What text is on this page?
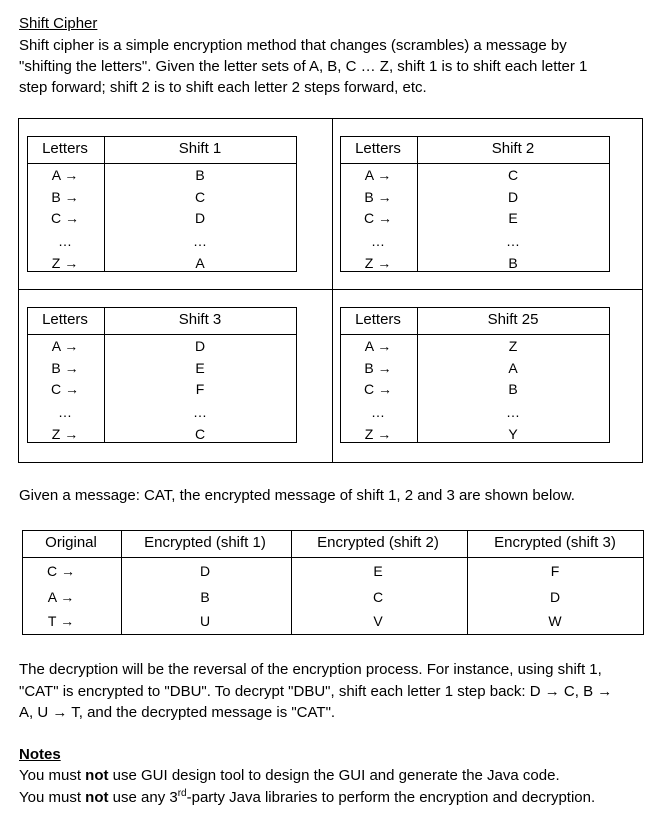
Shift Cipher
Shift cipher is a simple encryption method that changes (scrambles) a message by
"shifting the letters". Given the letter sets of A, B, C … Z, shift 1 is to shift each letter 1
step forward; shift 2 is to shift each letter 2 steps forward, etc.
Letters	Shift 1
A →	B
B →	C
C →	D
…	…
Z →	A
Letters	Shift 2
A →	C
B →	D
C →	E
…	…
Z →	B
Letters	Shift 3
A →	D
B →	E
C →	F
…	…
Z →	C
Letters	Shift 25
A →	Z
B →	A
C →	B
…	…
Z →	Y
Given a message: CAT, the encrypted message of shift 1, 2 and 3 are shown below.
Original	Encrypted (shift 1)	Encrypted (shift 2)	Encrypted (shift 3)
C →	D	E	F
A →	B	C	D
T →	U	V	W
The decryption will be the reversal of the encryption process. For instance, using shift 1,
"CAT" is encrypted to "DBU". To decrypt "DBU", shift each letter 1 step back: D → C, B →
A, U → T, and the decrypted message is "CAT".
Notes
You must not use GUI design tool to design the GUI and generate the Java code.
You must not use any 3rd-party Java libraries to perform the encryption and decryption.
